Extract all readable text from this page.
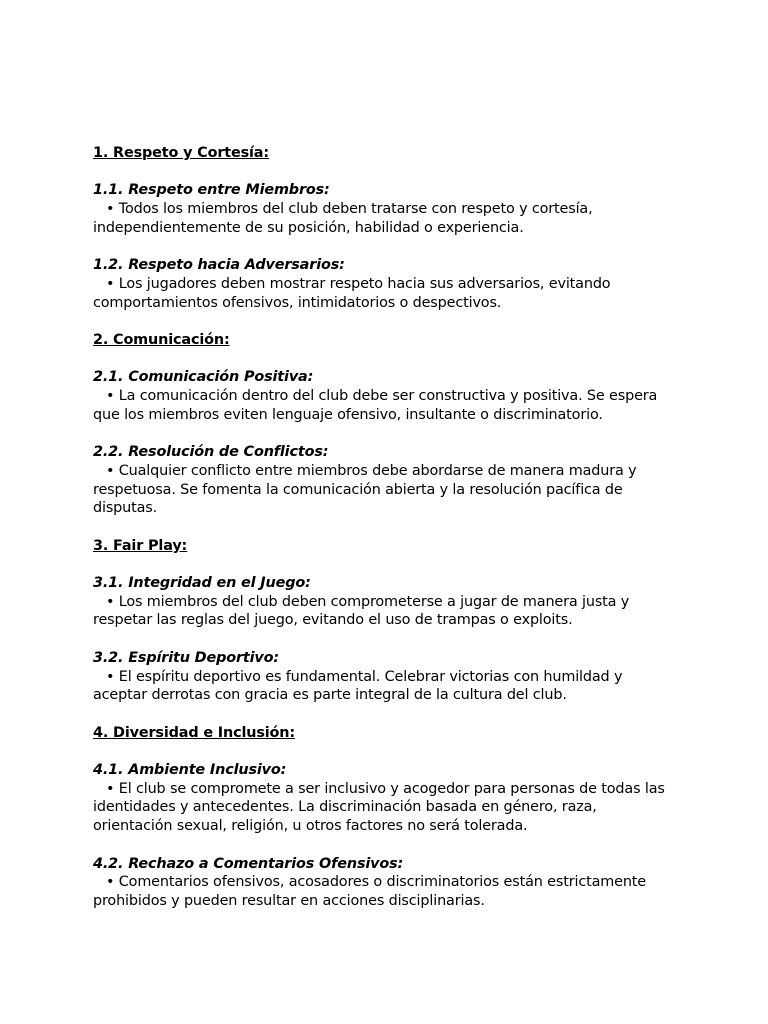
1. Respeto y Cortesía:

1.1. Respeto entre Miembros:

• Todos los miembros del club deben tratarse con respeto y cortesía,

independientemente de su posición, habilidad o experiencia.

1.2. Respeto hacia Adversarios:

• Los jugadores deben mostrar respeto hacia sus adversarios, evitando

comportamientos ofensivos, intimidatorios o despectivos.

2. Comunicación:

2.1. Comunicación Positiva:

• La comunicación dentro del club debe ser constructiva y positiva. Se espera

que los miembros eviten lenguaje ofensivo, insultante o discriminatorio.

2.2. Resolución de Conflictos:

• Cualquier conflicto entre miembros debe abordarse de manera madura y

respetuosa. Se fomenta la comunicación abierta y la resolución pacífica de

disputas.

3. Fair Play:

3.1. Integridad en el Juego:

• Los miembros del club deben comprometerse a jugar de manera justa y

respetar las reglas del juego, evitando el uso de trampas o exploits.

3.2. Espíritu Deportivo:

• El espíritu deportivo es fundamental. Celebrar victorias con humildad y

aceptar derrotas con gracia es parte integral de la cultura del club.

4. Diversidad e Inclusión:

4.1. Ambiente Inclusivo:

• El club se compromete a ser inclusivo y acogedor para personas de todas las

identidades y antecedentes. La discriminación basada en género, raza,

orientación sexual, religión, u otros factores no será tolerada.

4.2. Rechazo a Comentarios Ofensivos:

• Comentarios ofensivos, acosadores o discriminatorios están estrictamente

prohibidos y pueden resultar en acciones disciplinarias.
